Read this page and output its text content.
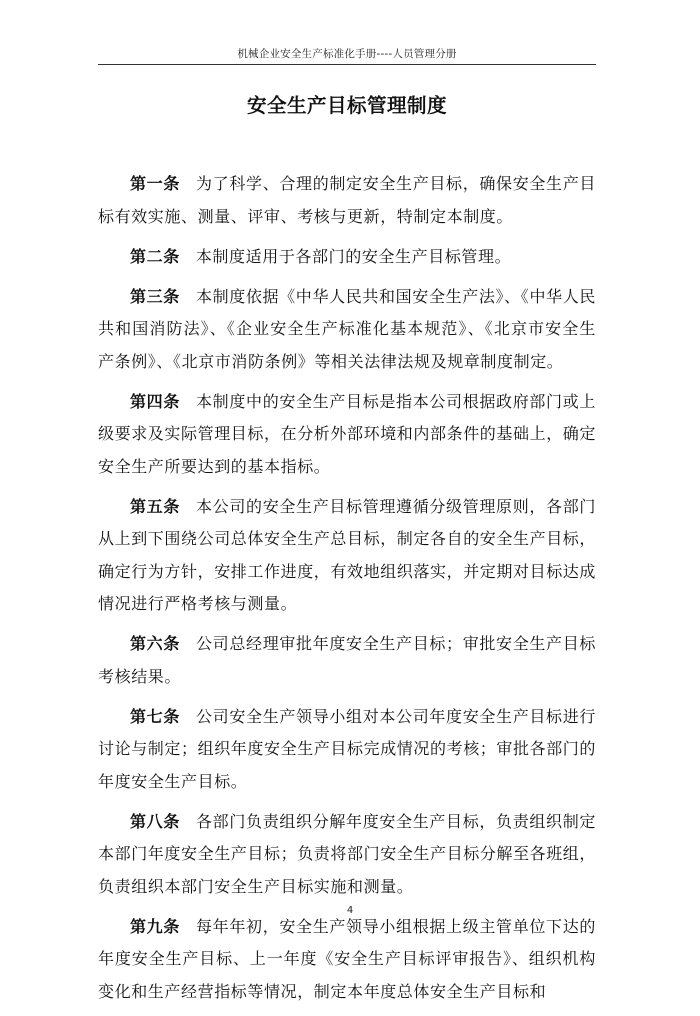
机械企业安全生产标准化手册----人员管理分册
安全生产目标管理制度

第一条 为了科学、合理的制定安全生产目标，确保安全生产目标有效实施、测量、评审、考核与更新，特制定本制度。

第二条 本制度适用于各部门的安全生产目标管理。

第三条 本制度依据《中华人民共和国安全生产法》、《中华人民共和国消防法》、《企业安全生产标准化基本规范》、《北京市安全生产条例》、《北京市消防条例》等相关法律法规及规章制度制定。

第四条 本制度中的安全生产目标是指本公司根据政府部门或上级要求及实际管理目标，在分析外部环境和内部条件的基础上，确定安全生产所要达到的基本指标。

第五条 本公司的安全生产目标管理遵循分级管理原则，各部门从上到下围绕公司总体安全生产总目标，制定各自的安全生产目标，确定行为方针，安排工作进度，有效地组织落实，并定期对目标达成情况进行严格考核与测量。

第六条 公司总经理审批年度安全生产目标；审批安全生产目标考核结果。

第七条 公司安全生产领导小组对本公司年度安全生产目标进行讨论与制定；组织年度安全生产目标完成情况的考核；审批各部门的年度安全生产目标。

第八条 各部门负责组织分解年度安全生产目标，负责组织制定本部门年度安全生产目标；负责将部门安全生产目标分解至各班组，负责组织本部门安全生产目标实施和测量。

第九条 每年年初，安全生产领导小组根据上级主管单位下达的年度安全生产目标、上一年度《安全生产目标评审报告》、组织机构变化和生产经营指标等情况，制定本年度总体安全生产目标和

4
